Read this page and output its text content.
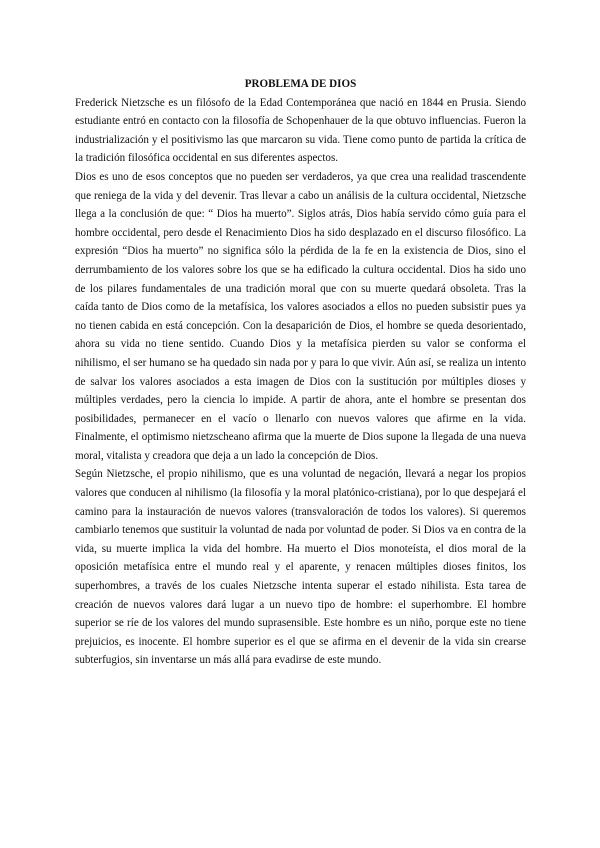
PROBLEMA DE DIOS

Frederick Nietzsche es un filósofo de la Edad Contemporánea que nació en 1844 en Prusia. Siendo estudiante entró en contacto con la filosofía de Schopenhauer de la que obtuvo influencias. Fueron la industrialización y el positivismo las que marcaron su vida. Tiene como punto de partida la crítica de la tradición filosófica occidental en sus diferentes aspectos.

Dios es uno de esos conceptos que no pueden ser verdaderos, ya que crea una realidad trascendente que reniega de la vida y del devenir. Tras llevar a cabo un análisis de la cultura occidental, Nietzsche llega a la conclusión de que: “ Dios ha muerto”. Siglos atrás, Dios había servido cómo guía para el hombre occidental, pero desde el Renacimiento Dios ha sido desplazado en el discurso filosófico. La expresión “Dios ha muerto” no significa sólo la pérdida de la fe en la existencia de Dios, sino el derrumbamiento de los valores sobre los que se ha edificado la cultura occidental. Dios ha sido uno de los pilares fundamentales de una tradición moral que con su muerte quedará obsoleta. Tras la caída tanto de Dios como de la metafísica, los valores asociados a ellos no pueden subsistir pues ya no tienen cabida en está concepción. Con la desaparición de Dios, el hombre se queda desorientado, ahora su vida no tiene sentido. Cuando Dios y la metafísica pierden su valor se conforma el nihilismo, el ser humano se ha quedado sin nada por y para lo que vivir. Aún así, se realiza un intento de salvar los valores asociados a esta imagen de Dios con la sustitución por múltiples dioses y múltiples verdades, pero la ciencia lo impide. A partir de ahora, ante el hombre se presentan dos posibilidades, permanecer en el vacío o llenarlo con nuevos valores que afirme en la vida. Finalmente, el optimismo nietzscheano afirma que la muerte de Dios supone la llegada de una nueva moral, vitalista y creadora que deja a un lado la concepción de Dios.

Según Nietzsche, el propio nihilismo, que es una voluntad de negación, llevará a negar los propios valores que conducen al nihilismo (la filosofía y la moral platónico-cristiana), por lo que despejará el camino para la instauración de nuevos valores (transvaloración de todos los valores). Si queremos cambiarlo tenemos que sustituir la voluntad de nada por voluntad de poder. Si Dios va en contra de la vida, su muerte implica la vida del hombre. Ha muerto el Dios monoteísta, el dios moral de la oposición metafísica entre el mundo real y el aparente, y renacen múltiples dioses finitos, los superhombres, a través de los cuales Nietzsche intenta superar el estado nihilista. Esta tarea de creación de nuevos valores dará lugar a un nuevo tipo de hombre: el superhombre. El hombre superior se ríe de los valores del mundo suprasensible. Este hombre es un niño, porque este no tiene prejuicios, es inocente. El hombre superior es el que se afirma en el devenir de la vida sin crearse subterfugios, sin inventarse un más allá para evadirse de este mundo.
